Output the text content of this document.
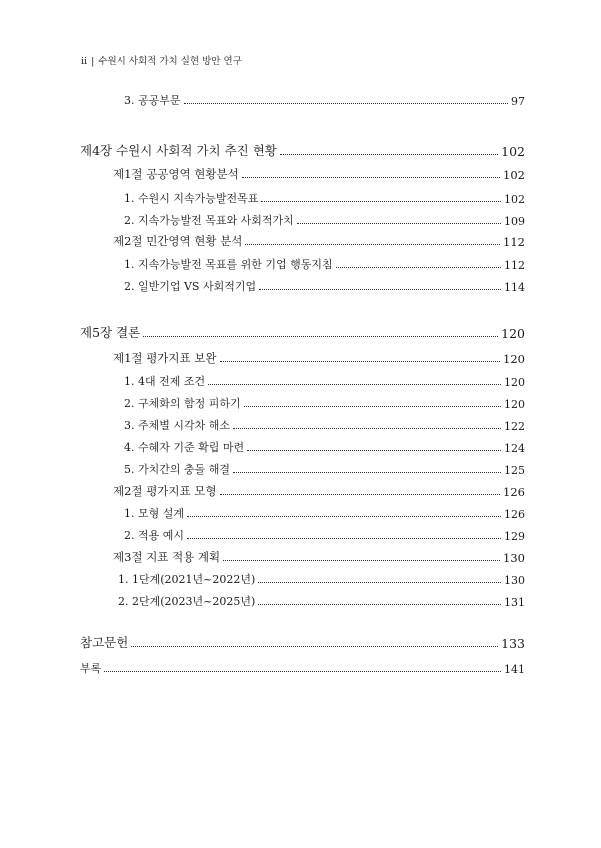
ii | 수원시 사회적 가치 실현 방안 연구
3. 공공부문	97
제4장 수원시 사회적 가치 추진 현황	102
제1절 공공영역 현황분석	102
1. 수원시 지속가능발전목표	102
2. 지속가능발전 목표와 사회적가치	109
제2절 민간영역 현황 분석	112
1. 지속가능발전 목표를 위한 기업 행동지침	112
2. 일반기업 VS 사회적기업	114
제5장 결론	120
제1절 평가지표 보완	120
1. 4대 전제 조건	120
2. 구체화의 함정 피하기	120
3. 주체별 시각차 해소	122
4. 수혜자 기준 확립 마련	124
5. 가치간의 충돌 해결	125
제2절 평가지표 모형	126
1. 모형 설계	126
2. 적용 예시	129
제3절 지표 적용 계획	130
1. 1단계(2021년~2022년)	130
2. 2단계(2023년~2025년)	131
참고문헌	133
부록	141
